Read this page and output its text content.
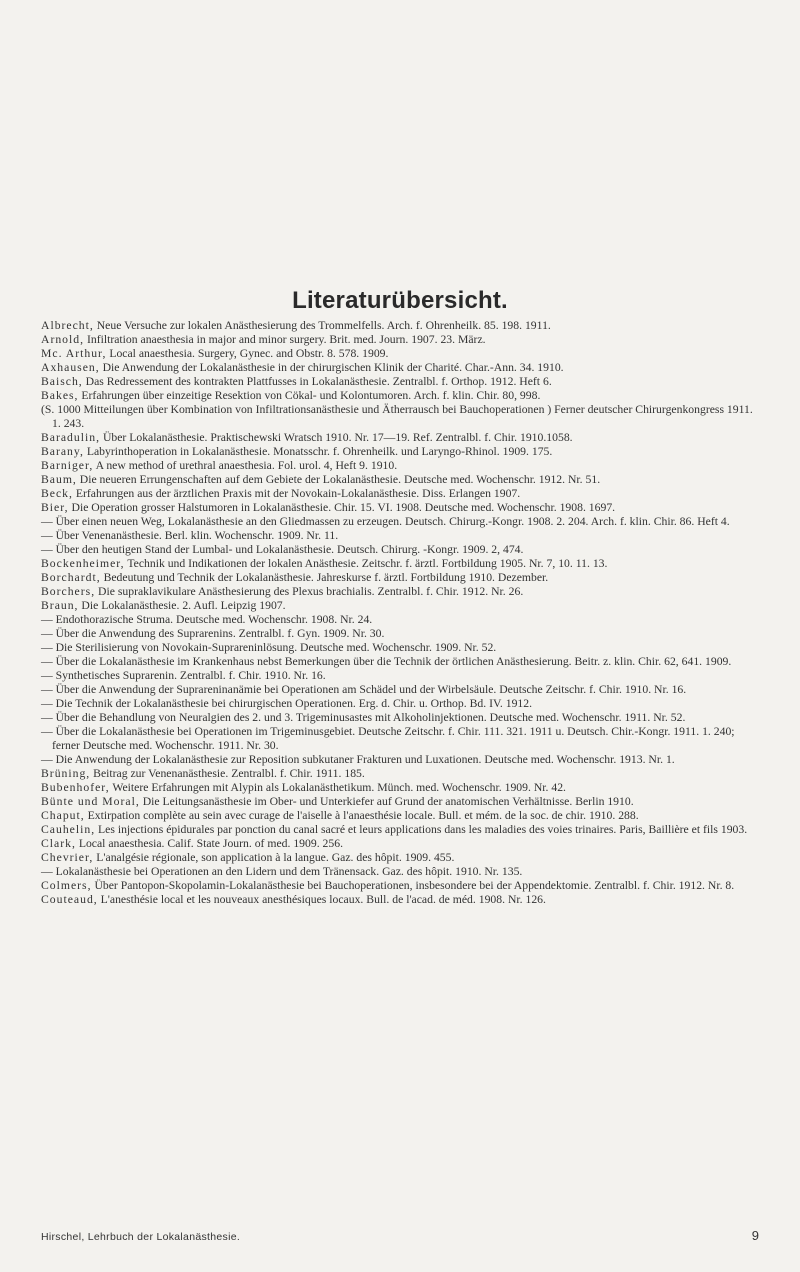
Literaturübersicht.

Albrecht, Neue Versuche zur lokalen Anästhesierung des Trommelfells. Arch. f. Ohrenheilk. 85. 198. 1911.

Arnold, Infiltration anaesthesia in major and minor surgery. Brit. med. Journ. 1907. 23. März.

Mc. Arthur, Local anaesthesia. Surgery, Gynec. and Obstr. 8. 578. 1909.

Axhausen, Die Anwendung der Lokalanästhesie in der chirurgischen Klinik der Charité. Char.-Ann. 34. 1910.

Baisch, Das Redressement des kontrakten Plattfusses in Lokalanästhesie. Zentralbl. f. Orthop. 1912. Heft 6.

Bakes, Erfahrungen über einzeitige Resektion von Cökal- und Kolontumoren. Arch. f. klin. Chir. 80, 998.

(S. 1000 Mitteilungen über Kombination von Infiltrationsanästhesie und Ätherrausch bei Bauchoperationen ) Ferner deutscher Chirurgenkongress 1911. 1. 243.

Baradulin, Über Lokalanästhesie. Praktischewski Wratsch 1910. Nr. 17—19. Ref. Zentralbl. f. Chir. 1910.1058.

Barany, Labyrinthoperation in Lokalanästhesie. Monatsschr. f. Ohrenheilk. und Laryngo-Rhinol. 1909. 175.

Barniger, A new method of urethral anaesthesia. Fol. urol. 4, Heft 9. 1910.

Baum, Die neueren Errungenschaften auf dem Gebiete der Lokalanästhesie. Deutsche med. Wochenschr. 1912. Nr. 51.

Beck, Erfahrungen aus der ärztlichen Praxis mit der Novokain-Lokalanästhesie. Diss. Erlangen 1907.

Bier, Die Operation grosser Halstumoren in Lokalanästhesie. Chir. 15. VI. 1908. Deutsche med. Wochenschr. 1908. 1697.

— Über einen neuen Weg, Lokalanästhesie an den Gliedmassen zu erzeugen. Deutsch. Chirurg.-Kongr. 1908. 2. 204. Arch. f. klin. Chir. 86. Heft 4.

— Über Venenanästhesie. Berl. klin. Wochenschr. 1909. Nr. 11.

— Über den heutigen Stand der Lumbal- und Lokalanästhesie. Deutsch. Chirurg. -Kongr. 1909. 2, 474.

Bockenheimer, Technik und Indikationen der lokalen Anästhesie. Zeitschr. f. ärztl. Fortbildung 1905. Nr. 7, 10. 11. 13.

Borchardt, Bedeutung und Technik der Lokalanästhesie. Jahreskurse f. ärztl. Fortbildung 1910. Dezember.

Borchers, Die supraklavikulare Anästhesierung des Plexus brachialis. Zentralbl. f. Chir. 1912. Nr. 26.

Braun, Die Lokalanästhesie. 2. Aufl. Leipzig 1907.

— Endothorazische Struma. Deutsche med. Wochenschr. 1908. Nr. 24.

— Über die Anwendung des Suprarenins. Zentralbl. f. Gyn. 1909. Nr. 30.

— Die Sterilisierung von Novokain-Suprareninlösung. Deutsche med. Wochenschr. 1909. Nr. 52.

— Über die Lokalanästhesie im Krankenhaus nebst Bemerkungen über die Technik der örtlichen Anästhesierung. Beitr. z. klin. Chir. 62, 641. 1909.

— Synthetisches Suprarenin. Zentralbl. f. Chir. 1910. Nr. 16.

— Über die Anwendung der Suprareninanämie bei Operationen am Schädel und der Wirbelsäule. Deutsche Zeitschr. f. Chir. 1910. Nr. 16.

— Die Technik der Lokalanästhesie bei chirurgischen Operationen. Erg. d. Chir. u. Orthop. Bd. IV. 1912.

— Über die Behandlung von Neuralgien des 2. und 3. Trigeminusastes mit Alkoholinjektionen. Deutsche med. Wochenschr. 1911. Nr. 52.

— Über die Lokalanästhesie bei Operationen im Trigeminusgebiet. Deutsche Zeitschr. f. Chir. 111. 321. 1911 u. Deutsch. Chir.-Kongr. 1911. 1. 240; ferner Deutsche med. Wochenschr. 1911. Nr. 30.

— Die Anwendung der Lokalanästhesie zur Reposition subkutaner Frakturen und Luxationen. Deutsche med. Wochenschr. 1913. Nr. 1.

Brüning, Beitrag zur Venenanästhesie. Zentralbl. f. Chir. 1911. 185.

Bubenhofer, Weitere Erfahrungen mit Alypin als Lokalanästhetikum. Münch. med. Wochenschr. 1909. Nr. 42.

Bünte und Moral, Die Leitungsanästhesie im Ober- und Unterkiefer auf Grund der anatomischen Verhältnisse. Berlin 1910.

Chaput, Extirpation complète au sein avec curage de l'aiselle à l'anaesthésie locale. Bull. et mém. de la soc. de chir. 1910. 288.

Cauhelin, Les injections épidurales par ponction du canal sacré et leurs applications dans les maladies des voies trinaires. Paris, Baillière et fils 1903.

Clark, Local anaesthesia. Calif. State Journ. of med. 1909. 256.

Chevrier, L'analgésie régionale, son application à la langue. Gaz. des hôpit. 1909. 455.

— Lokalanästhesie bei Operationen an den Lidern und dem Tränensack. Gaz. des hôpit. 1910. Nr. 135.

Colmers, Über Pantopon-Skopolamin-Lokalanästhesie bei Bauchoperationen, insbesondere bei der Appendektomie. Zentralbl. f. Chir. 1912. Nr. 8.

Couteaud, L'anesthésie local et les nouveaux anesthésiques locaux. Bull. de l'acad. de méd. 1908. Nr. 126.

Hirschel, Lehrbuch der Lokalanästhesie.	9
